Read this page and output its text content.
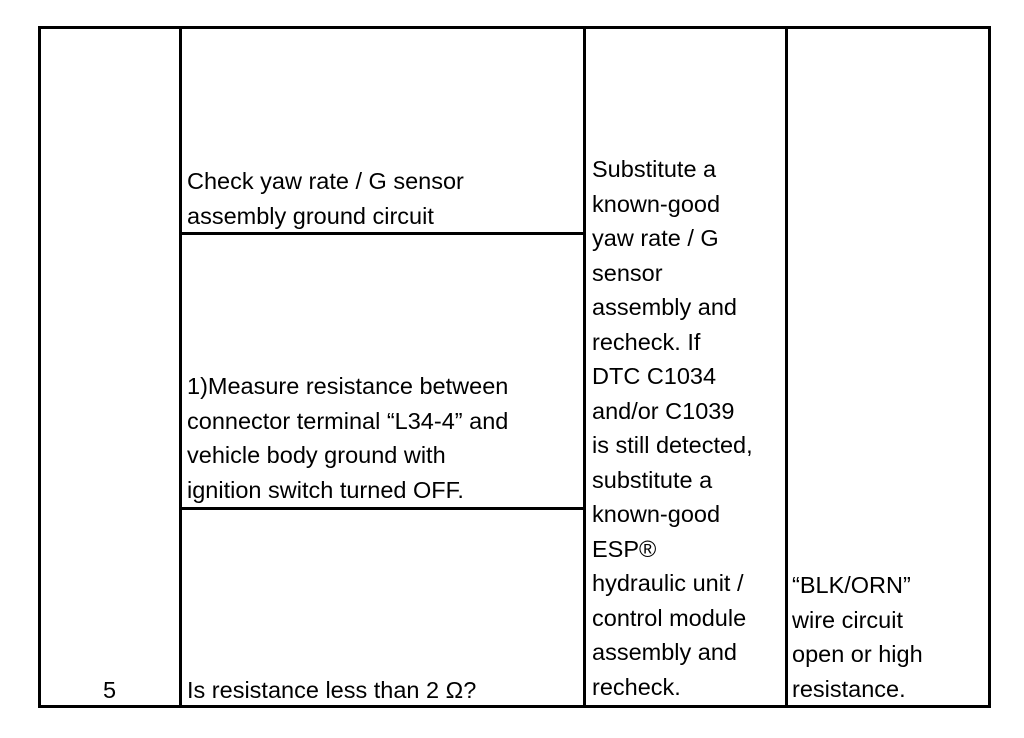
5
Check yaw rate / G sensor
assembly ground circuit
1)Measure resistance between
connector terminal “L34-4” and
vehicle body ground with
ignition switch turned OFF.
Is resistance less than 2 Ω?
Substitute a
known-good
yaw rate / G
sensor
assembly and
recheck. If
DTC C1034
and/or C1039
is still detected,
substitute a
known-good
ESP®
hydraulic unit /
control module
assembly and
recheck.
“BLK/ORN”
wire circuit
open or high
resistance.
